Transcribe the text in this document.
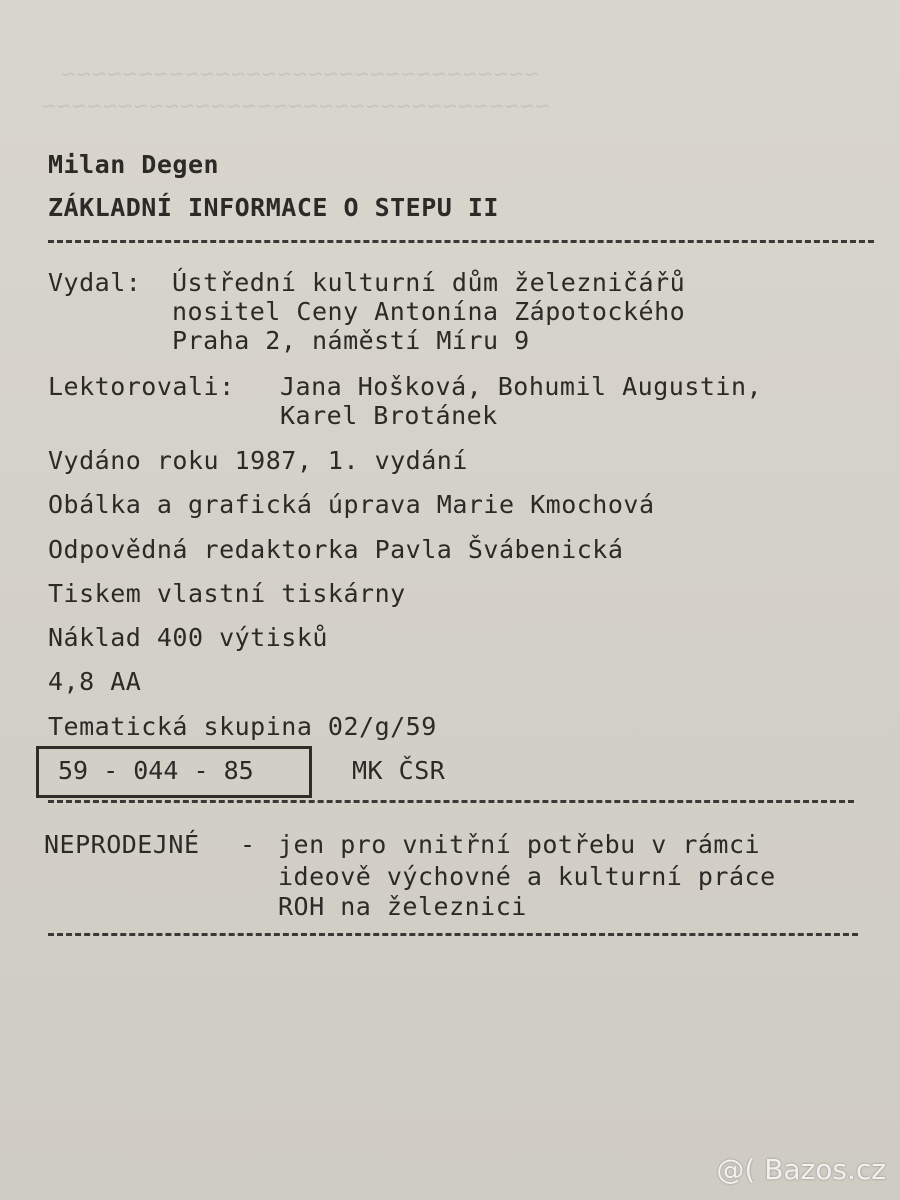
~~~~~~~~~~~~~~~~~~~~~~~~~~~~~~~
~~~~~~~~~~~~~~~~~~~~~~~~~~~~~~~~~
Milan Degen
ZÁKLADNÍ INFORMACE O STEPU II
Vydal: Ústřední kulturní dům železničářů
nositel Ceny Antonína Zápotockého
Praha 2, náměstí Míru 9
Lektorovali: Jana Hošková, Bohumil Augustin,
Karel Brotánek
Vydáno roku 1987, 1. vydání
Obálka a grafická úprava Marie Kmochová
Odpovědná redaktorka Pavla Švábenická
Tiskem vlastní tiskárny
Náklad 400 výtisků
4,8 AA
Tematická skupina 02/g/59
59 - 044 - 85	MK ČSR
NEPRODEJNÉ - jen pro vnitřní potřebu v rámci
ideově výchovné a kulturní práce
ROH na železnici
@( Bazos.cz
